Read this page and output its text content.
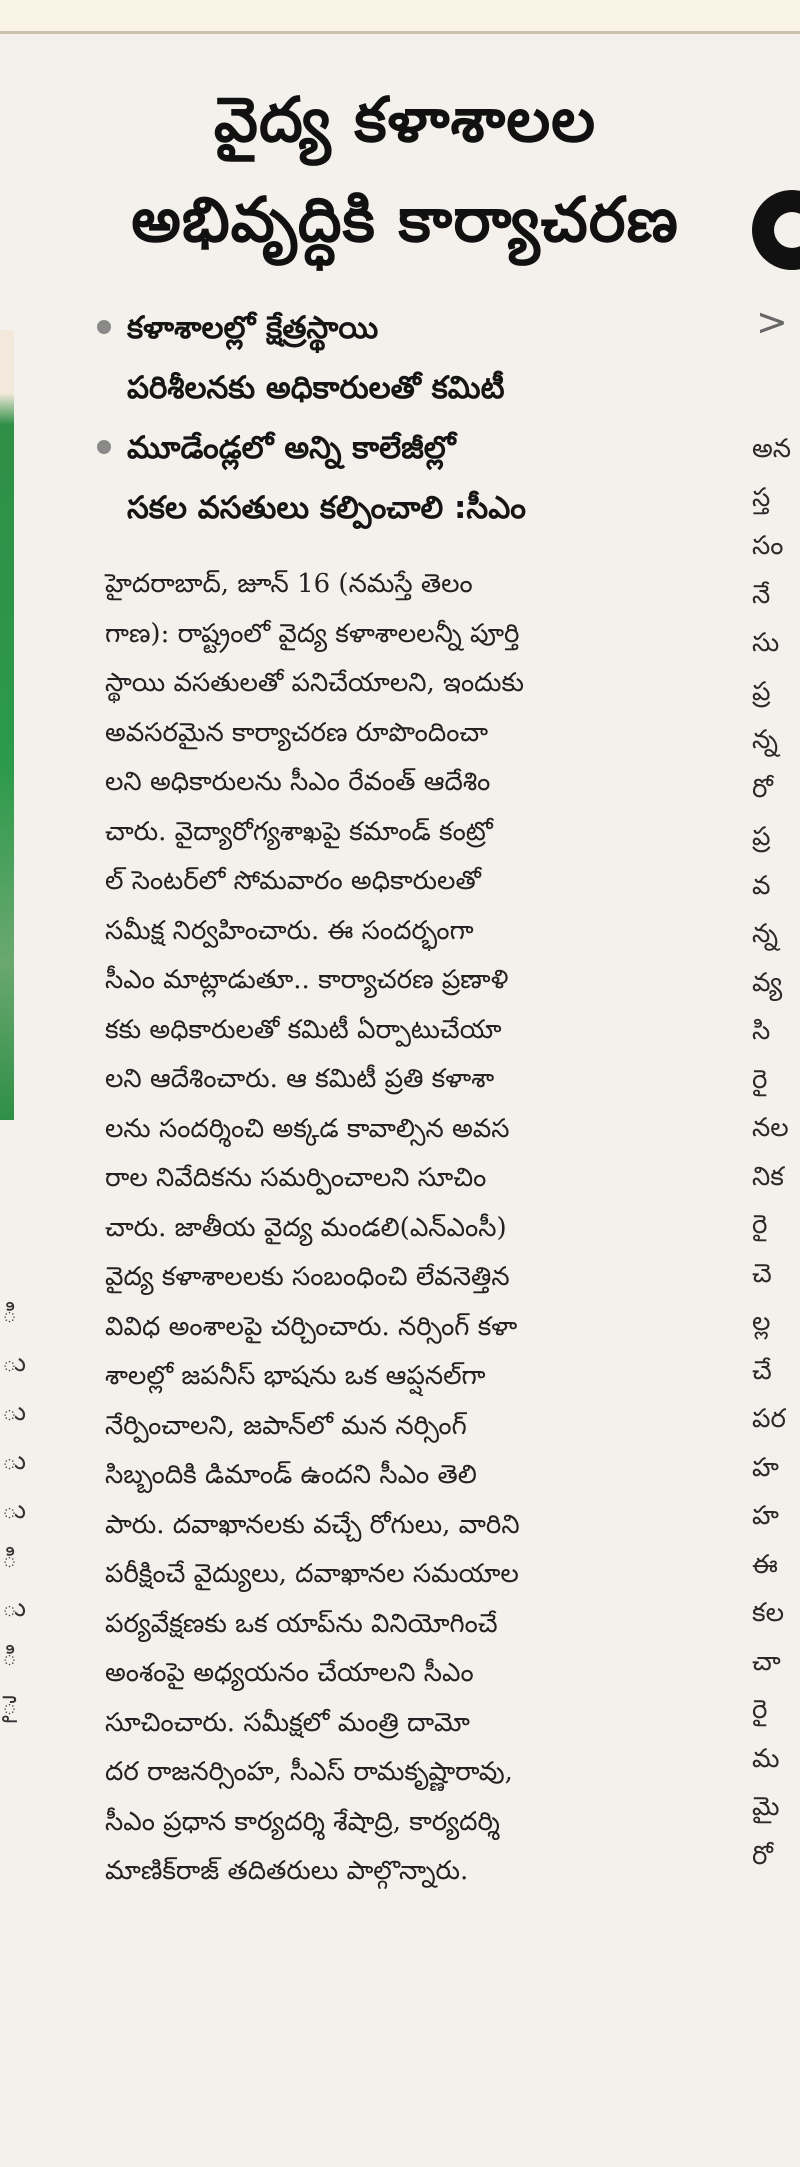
ి
ు
ు
ు
ు
ి
ు
ి
ై
వైద్య కళాశాలల
అభివృద్ధికి కార్యాచరణ
కళాశాలల్లో క్షేత్రస్థాయి
పరిశీలనకు అధికారులతో కమిటీ
మూడేండ్లలో అన్ని కాలేజీల్లో
సకల వసతులు కల్పించాలి :సీఎం
హైదరాబాద్, జూన్ 16 (నమస్తే తెలం
గాణ): రాష్ట్రంలో వైద్య కళాశాలలన్నీ పూర్తి
స్థాయి వసతులతో పనిచేయాలని, ఇందుకు
అవసరమైన కార్యాచరణ రూపొందించా
లని అధికారులను సీఎం రేవంత్ ఆదేశిం
చారు. వైద్యారోగ్యశాఖపై కమాండ్ కంట్రో
ల్ సెంటర్‌లో సోమవారం అధికారులతో
సమీక్ష నిర్వహించారు. ఈ సందర్భంగా
సీఎం మాట్లాడుతూ.. కార్యాచరణ ప్రణాళి
కకు అధికారులతో కమిటీ ఏర్పాటుచేయా
లని ఆదేశించారు. ఆ కమిటీ ప్రతి కళాశా
లను సందర్శించి అక్కడ కావాల్సిన అవస
రాల నివేదికను సమర్పించాలని సూచిం
చారు. జాతీయ వైద్య మండలి(ఎన్‌ఎంసీ)
వైద్య కళాశాలలకు సంబంధించి లేవనెత్తిన
వివిధ అంశాలపై చర్చించారు. నర్సింగ్ కళా
శాలల్లో జపనీస్ భాషను ఒక ఆప్షనల్‌గా
నేర్పించాలని, జపాన్‌లో మన నర్సింగ్
సిబ్బందికి డిమాండ్ ఉందని సీఎం తెలి
పారు. దవాఖానలకు వచ్చే రోగులు, వారిని
పరీక్షించే వైద్యులు, దవాఖానల సమయాల
పర్యవేక్షణకు ఒక యాప్‌ను వినియోగించే
అంశంపై అధ్యయనం చేయాలని సీఎం
సూచించారు. సమీక్షలో మంత్రి దామో
దర రాజనర్సింహ, సీఎస్ రామకృష్ణారావు,
సీఎం ప్రధాన కార్యదర్శి శేషాద్రి, కార్యదర్శి
మాణిక్‌రాజ్ తదితరులు పాల్గొన్నారు.
>
అన
స్త
సం
నే
సు
ప్ర
న్న
రో
ప్ర
వ
న్న
వ్య
సి
రై
నల
నిక
రై
చె
ల్ల
చే
పర
హ
హ
ఈ
కల
చా
రై
మ
మై
రో
